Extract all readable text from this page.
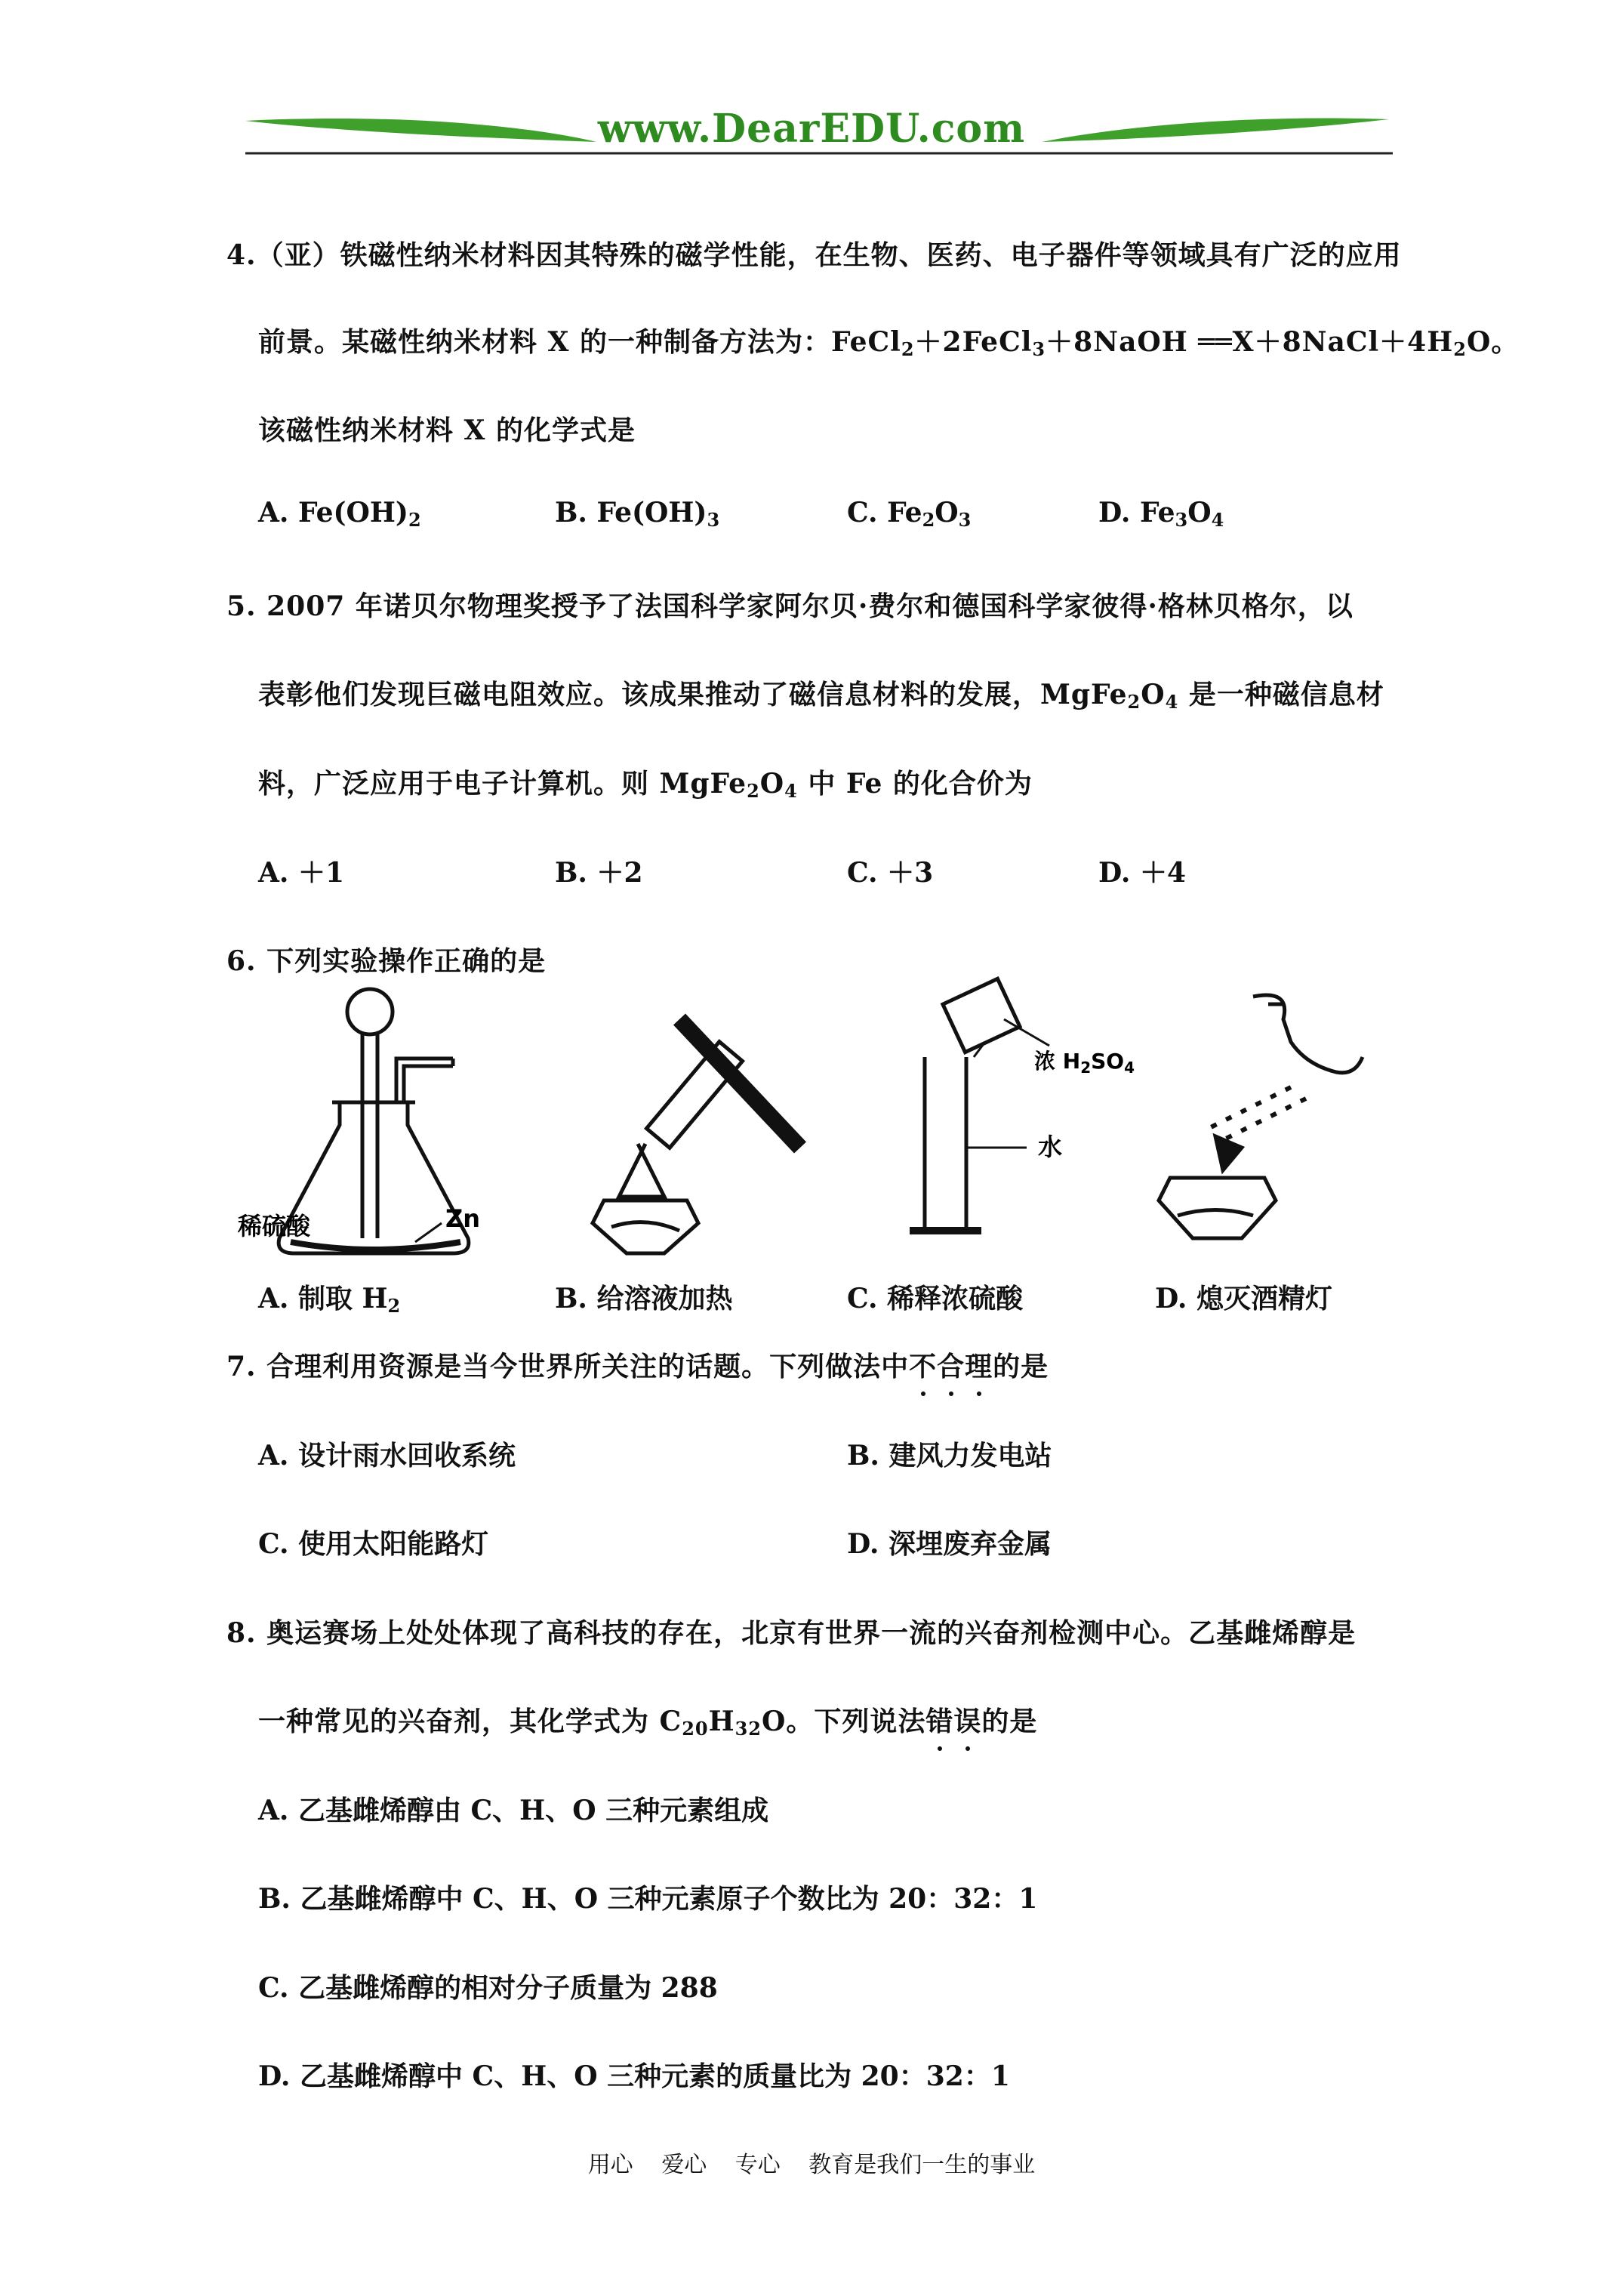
www.DearEDU.com
4.（亚）铁磁性纳米材料因其特殊的磁学性能，在生物、医药、电子器件等领域具有广泛的应用
前景。某磁性纳米材料 X 的一种制备方法为：FeCl$_2$＋2FeCl$_3$＋8NaOH $══X+8NaCl+4H_2O$。
该磁性纳米材料 X 的化学式是
A. $Fe(OH)_2$	B. $Fe(OH)_3$	C. $Fe_2O_3$	D. $Fe_3O_4$
5. 2007 年诺贝尔物理奖授予了法国科学家阿尔贝·费尔和德国科学家彼得·格林贝格尔，以
表彰他们发现巨磁电阻效应。该成果推动了磁信息材料的发展，$MgFe_2O_4$ 是一种磁信息材
料，广泛应用于电子计算机。则 $MgFe_2O_4$ 中 Fe 的化合价为
A. ＋1	B. ＋2	C. ＋3	D. ＋4
6. 下列实验操作正确的是
稀硫酸	Zn
浓 $H_2SO_4$
水
A. 制取 $H_2$	B. 给溶液加热	C. 稀释浓硫酸	D. 熄灭酒精灯
7. 合理利用资源是当今世界所关注的话题。下列做法中不合理的是
A. 设计雨水回收系统	B. 建风力发电站
C. 使用太阳能路灯	D. 深埋废弃金属
8. 奥运赛场上处处体现了高科技的存在，北京有世界一流的兴奋剂检测中心。乙基雌烯醇是
一种常见的兴奋剂，其化学式为 $C_{20}H_{32}O$。下列说法错误的是
A. 乙基雌烯醇由 C、H、O 三种元素组成
B. 乙基雌烯醇中 C、H、O 三种元素原子个数比为 20：32：1
C. 乙基雌烯醇的相对分子质量为 288
D. 乙基雌烯醇中 C、H、O 三种元素的质量比为 20：32：1
用心 爱心 专心 教育是我们一生的事业
